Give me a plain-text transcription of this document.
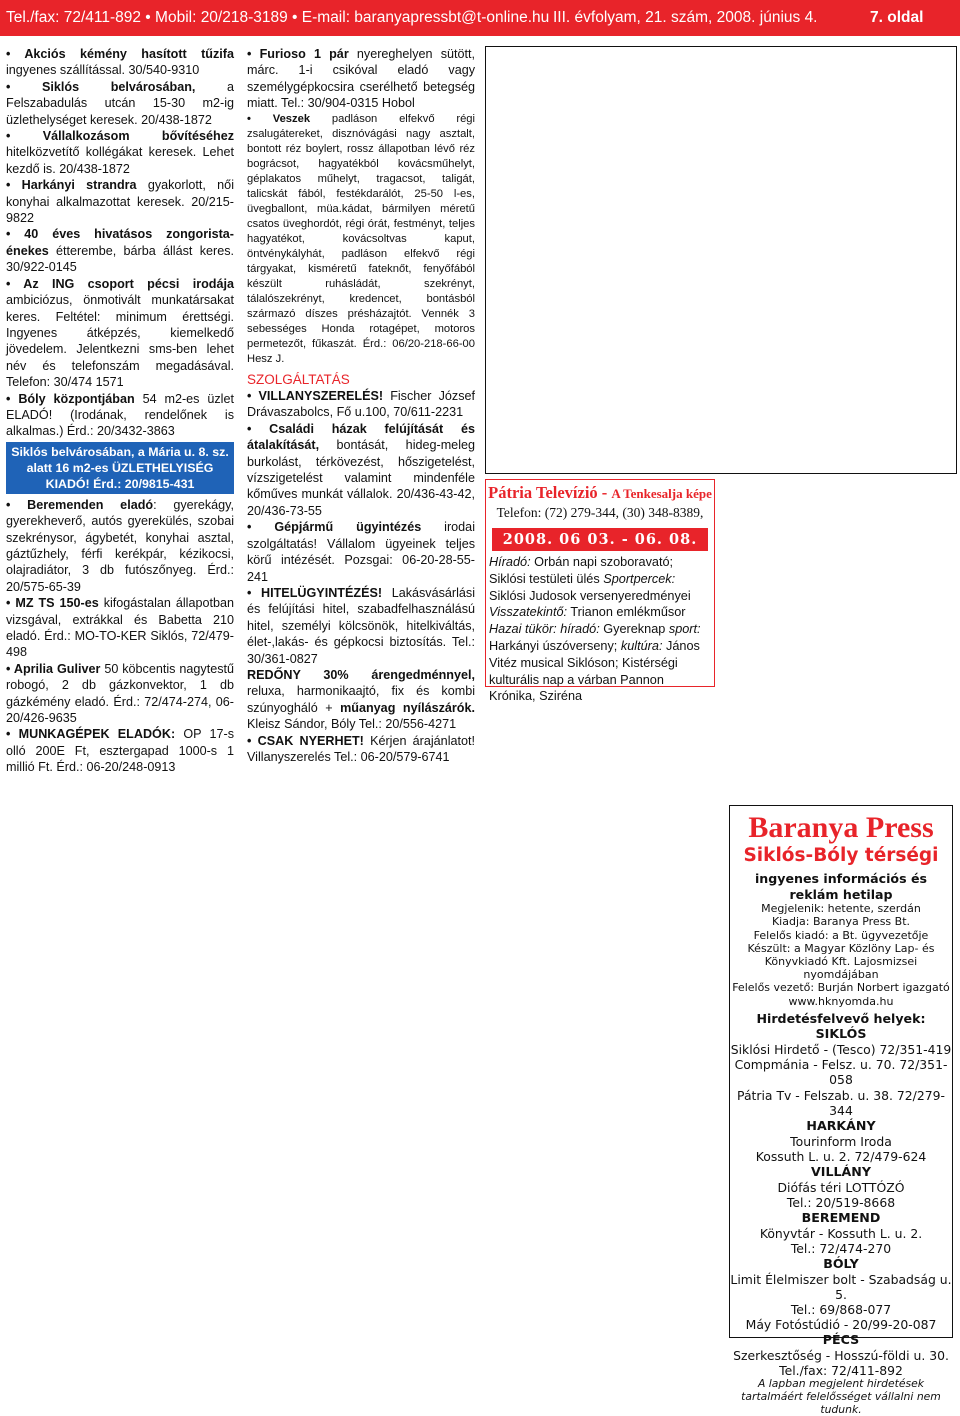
Tel./fax: 72/411-892 • Mobil: 20/218-3189 • E-mail: baranyapressbt@t-online.hu III. évfolyam, 21. szám, 2008. június 4.	7. oldal

• Akciós kémény hasított tűzifa ingyenes szállítással. 30/540-9310

• Siklós belvárosában, a Felszabadulás utcán 15-30 m2-ig üzlethelységet keresek. 20/438-1872

• Vállalkozásom bővítéséhez hitelközvetítő kollégákat keresek. Lehet kezdő is. 20/438-1872

• Harkányi strandra gyakorlott, női konyhai alkalmazottat keresek. 20/215-9822

• 40 éves hivatásos zongorista-énekes étterembe, bárba állást keres. 30/922-0145

• Az ING csoport pécsi irodája ambiciózus, önmotivált munkatársakat keres. Feltétel: minimum érettségi. Ingyenes átképzés, kiemelkedő jövedelem. Jelentkezni sms-ben lehet név és telefonszám megadásával. Telefon: 30/474 1571

• Bóly központjában 54 m2-es üzlet ELADÓ! (Irodának, rendelőnek is alkalmas.) Érd.: 20/3432-3863

Siklós belvárosában, a Mária u. 8. sz. alatt 16 m2-es ÜZLETHELYISÉG KIADÓ! Érd.: 20/9815-431

• Beremenden eladó: gyerekágy, gyerekheverő, autós gyerekülés, szobai szekrénysor, ágybetét, konyhai asztal, gáztűzhely, férfi kerékpár, kézikocsi, olajradiátor, 3 db futószőnyeg. Érd.: 20/575-65-39

• MZ TS 150-es kifogástalan állapotban vizsgával, extrákkal és Babetta 210 eladó. Érd.: MO-TO-KER Siklós, 72/479-498

• Aprilia Guliver 50 köbcentis nagytestű robogó, 2 db gázkonvektor, 1 db gázkémény eladó. Érd.: 72/474-274, 06-20/426-9635

• MUNKAGÉPEK ELADÓK: OP 17-s olló 200E Ft, esztergapad 1000-s 1 millió Ft. Érd.: 06-20/248-0913

• Furioso 1 pár nyereghelyen sütött, márc. 1-i csikóval eladó vagy személygépkocsira cserélhető betegség miatt. Tel.: 30/904-0315 Hobol

• Veszek padláson elfekvő régi zsalugátereket, disznóvágási nagy asztalt, bontott réz boylert, rossz állapotban lévő réz bográcsot, hagyatékból kovácsműhelyt, géplakatos műhelyt, tragacsot, taligát, talicskát fából, festékdarálót, 25-50 l-es, üvegballont, müa.kádat, bármilyen méretű csatos üveghordót, régi órát, festményt, teljes hagyatékot, kovácsoltvas kaput, öntvénykályhát, padláson elfekvő régi tárgyakat, kisméretű fateknőt, fenyőfából készült ruhásládát, szekrényt, tálalószekrényt, kredencet, bontásból származó díszes présházajtót. Vennék 3 sebességes Honda rotagépet, motoros permetezőt, fűkaszát. Érd.: 06/20-218-66-00 Hesz J.

SZOLGÁLTATÁS

• VILLANYSZERELÉS! Fischer József Drávaszabolcs, Fő u.100, 70/611-2231

• Családi házak felújítását és átalakítását, bontását, hideg-meleg burkolást, térkövezést, hőszigetelést, vízszigetelést valamint mindenféle kőműves munkát vállalok. 20/436-43-42, 20/436-73-55

• Gépjármű ügyintézés irodai szolgáltatás! Vállalom ügyeinek teljes körű intézését. Pozsgai: 06-20-28-55-241

• HITELÜGYINTÉZÉS! Lakásvásárlási és felújítási hitel, szabadfelhasználású hitel, személyi kölcsönök, hitelkiváltás, élet-,lakás- és gépkocsi biztosítás. Tel.: 30/361-0827

REDŐNY 30% árengedménnyel, reluxa, harmonikaajtó, fix és kombi szúnyogháló + műanyag nyílászárók. Kleisz Sándor, Bóly Tel.: 20/556-4271

• CSAK NYERHET! Kérjen árajánlatot! Villanyszerelés Tel.: 06-20/579-6741

Pátria Televízió - A Tenkesalja képe
Telefon: (72) 279-344, (30) 348-8389,
2008. 06 03. - 06. 08.
Híradó: Orbán napi szoboravató; Siklósi testületi ülés Sportpercek: Siklósi Judosok versenyeredményei Visszatekintő: Trianon emlékműsor Hazai tükör: híradó: Gyereknap sport: Harkányi úszóverseny; kultúra: János Vitéz musical Siklóson; Kistérségi kulturális nap a várban Pannon Krónika, Szirénа
Baranya Press
Siklós-Bóly térségi
ingyenes információs és reklám hetilap
Megjelenik: hetente, szerdán
Kiadja: Baranya Press Bt.
Felelős kiadó: a Bt. ügyvezetője
Készült: a Magyar Közlöny Lap- és Könyvkiadó Kft. Lajosmizsei nyomdájában
Felelős vezető: Burján Norbert igazgató
www.hknyomda.hu
Hirdetésfelvevő helyek:
SIKLÓS
Siklósi Hirdető - (Tesco) 72/351-419
Compmánia - Felsz. u. 70. 72/351-058
Pátria Tv - Felszab. u. 38. 72/279-344
HARKÁNY
Tourinform Iroda
Kossuth L. u. 2. 72/479-624
VILLÁNY
Diófás téri LOTTÓZÓ
Tel.: 20/519-8668
BEREMEND
Könyvtár - Kossuth L. u. 2.
Tel.: 72/474-270
BÓLY
Limit Élelmiszer bolt - Szabadság u. 5.
Tel.: 69/868-077
Máy Fotóstúdió - 20/99-20-087
PÉCS
Szerkesztőség - Hosszú-földi u. 30.
Tel./fax: 72/411-892
A lapban megjelent hirdetések tartalmáért felelősséget vállalni nem tudunk.
